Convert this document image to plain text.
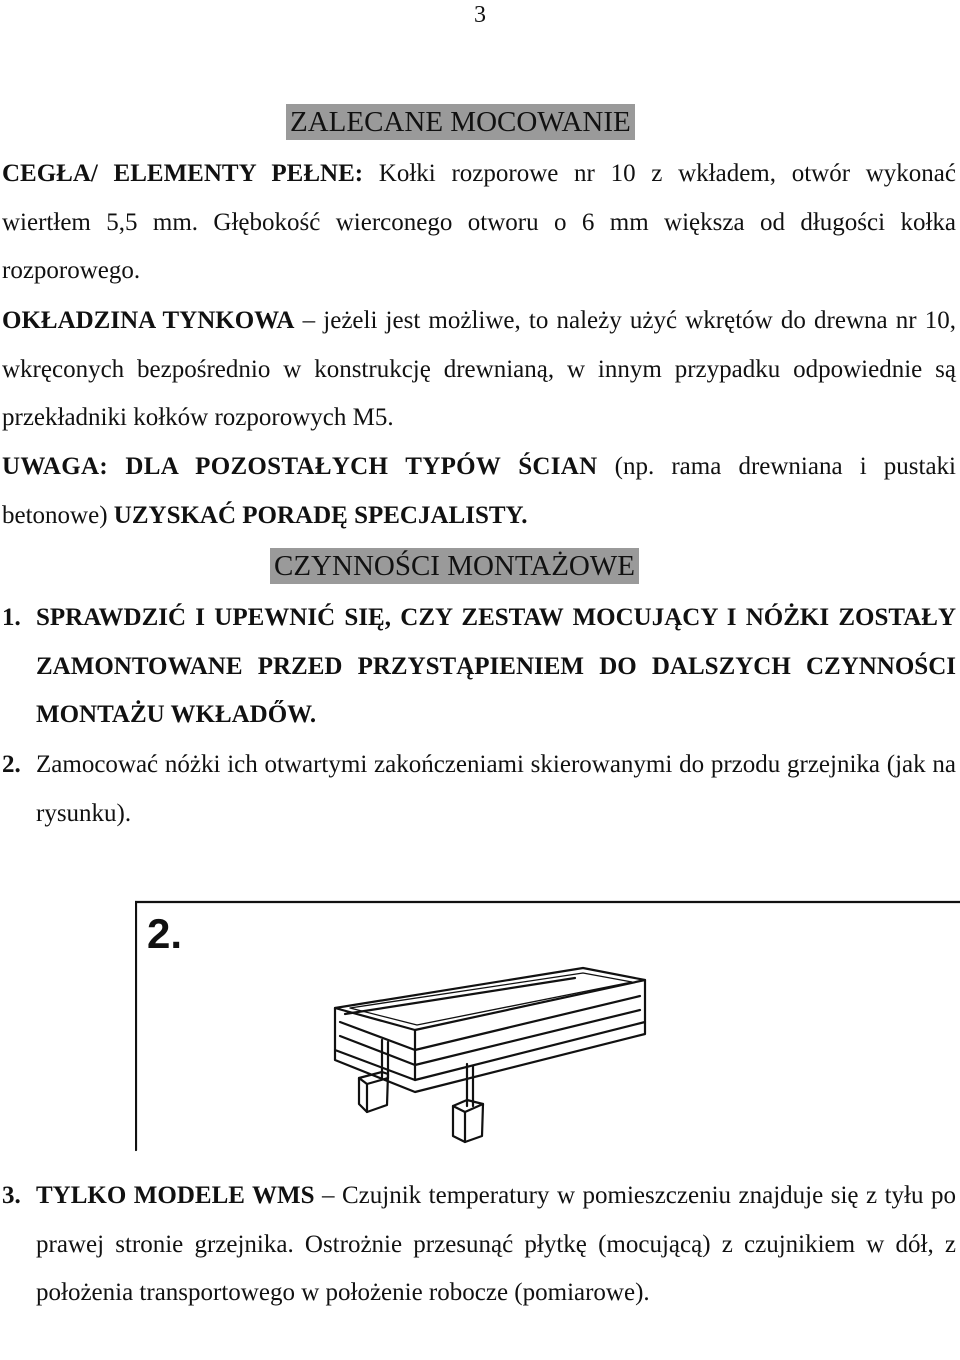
3
ZALECANE MOCOWANIE
CEGŁA/ ELEMENTY PEŁNE: Kołki rozporowe nr 10 z wkładem, otwór wykonać wiertłem 5,5 mm. Głębokość wierconego otworu o 6 mm większa od długości kołka rozporowego.
OKŁADZINA TYNKOWA – jeżeli jest możliwe, to należy użyć wkrętów do drewna nr 10, wkręconych bezpośrednio w konstrukcję drewnianą, w innym przypadku odpowiednie są przekładniki kołków rozporowych M5.
UWAGA: DLA POZOSTAŁYCH TYPÓW ŚCIAN (np. rama drewniana i pustaki betonowe) UZYSKAĆ PORADĘ SPECJALISTY.
CZYNNOŚCI MONTAŻOWE
1. SPRAWDZIĆ I UPEWNIĆ SIĘ, CZY ZESTAW MOCUJĄCY I NÓŻKI ZOSTAŁY ZAMONTOWANE PRZED PRZYSTĄPIENIEM DO DALSZYCH CZYNNOŚCI MONTAŻU WKŁADŐW.
2. Zamocować nóżki ich otwartymi zakończeniami skierowanymi do przodu grzejnika (jak na rysunku).
2.
3. TYLKO MODELE WMS – Czujnik temperatury w pomieszczeniu znajduje się z tyłu po prawej stronie grzejnika. Ostrożnie przesunąć płytkę (mocującą) z czujnikiem w dół, z położenia transportowego w położenie robocze (pomiarowe).
